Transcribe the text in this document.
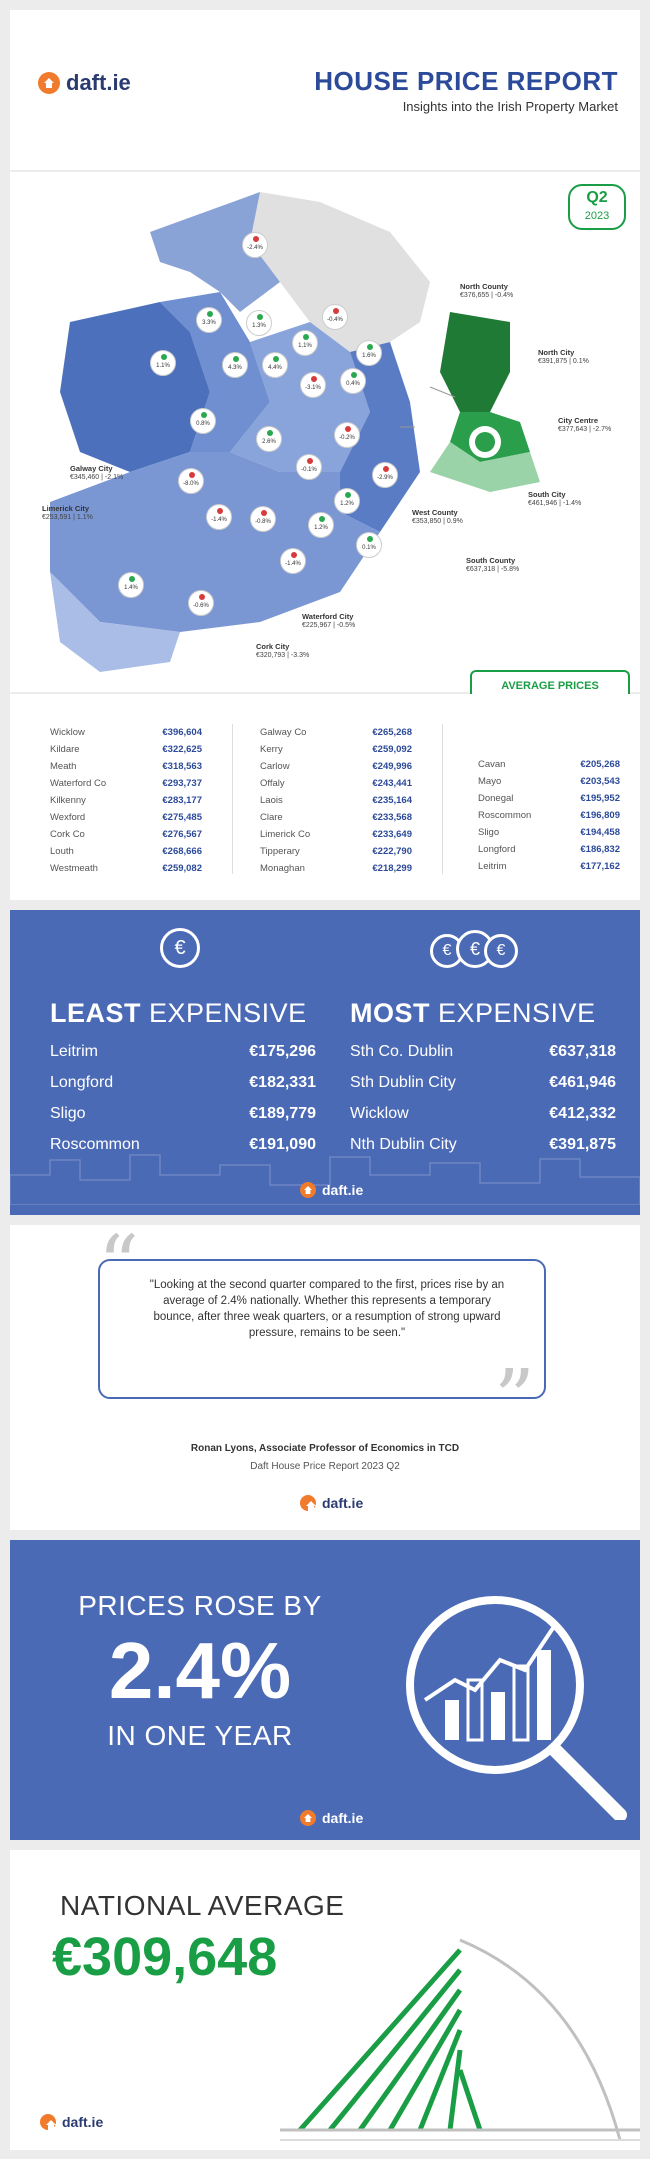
daft.ie	HOUSE PRICE REPORT
Insights into the Irish Property Market
Q2
2023
-2.4%
3.3%	1.3%
-0.4%
1.1%
1.6%
1.1%
4.3%	4.4%
-3.1%
0.4%
0.8%
2.6%
-0.2%
-8.0%
-0.1%
-2.9%
1.2%
-1.4%	-0.8%
1.2%
0.1%
-1.4%
1.4%
-0.6%
North County
€376,655 | -0.4%
North City
€391,875 | 0.1%
City Centre
€377,643 | -2.7%
South City
€461,946 | -1.4%
West County
€353,850 | 0.9%
South County
€637,318 | -5.8%
Galway City
€345,460 | -2.1%
Limerick City
€253,591 | 1.1%
Waterford City
€225,967 | -0.5%
Cork City
€320,793 | -3.3%
AVERAGE PRICES
Wicklow	€396,604
Kildare	€322,625
Meath	€318,563
Waterford Co	€293,737
Kilkenny	€283,177
Wexford	€275,485
Cork Co	€276,567
Louth	€268,666
Westmeath	€259,082
Galway Co	€265,268
Kerry	€259,092
Carlow	€249,996
Offaly	€243,441
Laois	€235,164
Clare	€233,568
Limerick Co	€233,649
Tipperary	€222,790
Monaghan	€218,299
Cavan	€205,268
Mayo	€203,543
Donegal	€195,952
Roscommon	€196,809
Sligo	€194,458
Longford	€186,832
Leitrim	€177,162
€	€	€	€
LEAST EXPENSIVE MOST EXPENSIVE
Leitrim	€175,296
Longford	€182,331
Sligo	€189,779
Roscommon	€191,090
Sth Co. Dublin	€637,318
Sth Dublin City	€461,946
Wicklow	€412,332
Nth Dublin City	€391,875
daft.ie
“
”
"Looking at the second quarter compared to the first, prices rise by an average of 2.4% nationally. Whether this represents a temporary bounce, after three weak quarters, or a resumption of strong upward pressure, remains to be seen."
Ronan Lyons, Associate Professor of Economics in TCD
Daft House Price Report 2023 Q2
daft.ie
PRICES ROSE BY
2.4%
IN ONE YEAR
daft.ie
NATIONAL AVERAGE
€309,648
daft.ie
